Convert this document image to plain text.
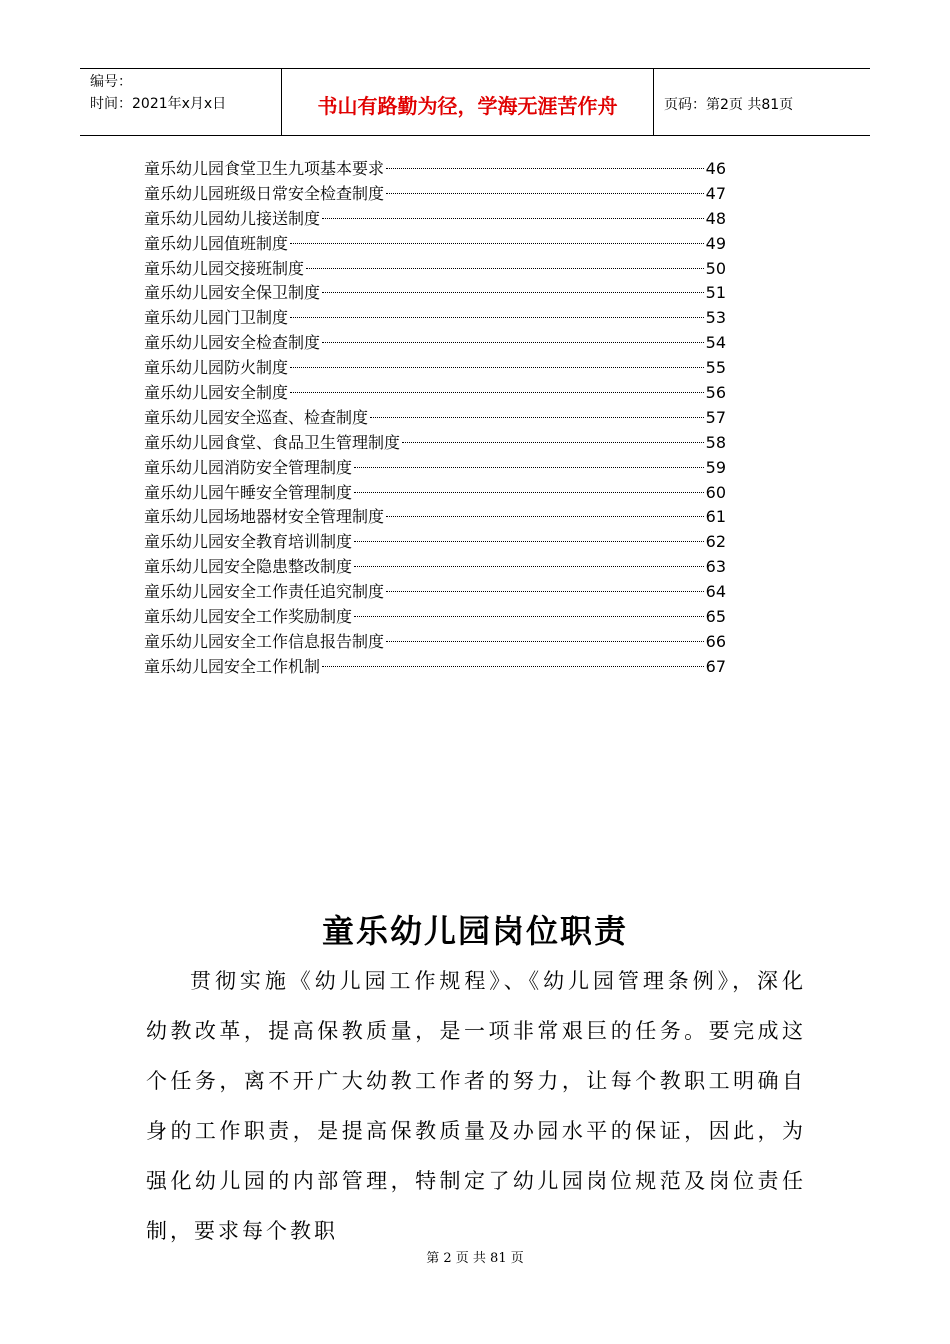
编号：
时间：2021年x月x日	书山有路勤为径，学海无涯苦作舟	页码：第2页 共81页
童乐幼儿园食堂卫生九项基本要求	46
童乐幼儿园班级日常安全检查制度	47
童乐幼儿园幼儿接送制度	48
童乐幼儿园值班制度	49
童乐幼儿园交接班制度	50
童乐幼儿园安全保卫制度	51
童乐幼儿园门卫制度	53
童乐幼儿园安全检查制度	54
童乐幼儿园防火制度	55
童乐幼儿园安全制度	56
童乐幼儿园安全巡查、检查制度	57
童乐幼儿园食堂、食品卫生管理制度	58
童乐幼儿园消防安全管理制度	59
童乐幼儿园午睡安全管理制度	60
童乐幼儿园场地器材安全管理制度	61
童乐幼儿园安全教育培训制度	62
童乐幼儿园安全隐患整改制度	63
童乐幼儿园安全工作责任追究制度	64
童乐幼儿园安全工作奖励制度	65
童乐幼儿园安全工作信息报告制度	66
童乐幼儿园安全工作机制	67
童乐幼儿园岗位职责
贯彻实施《幼儿园工作规程》、《幼儿园管理条例》，深化幼教改革，提高保教质量，是一项非常艰巨的任务。要完成这个任务，离不开广大幼教工作者的努力，让每个教职工明确自身的工作职责，是提高保教质量及办园水平的保证，因此，为强化幼儿园的内部管理，特制定了幼儿园岗位规范及岗位责任制，要求每个教职
第 2 页 共 81 页
